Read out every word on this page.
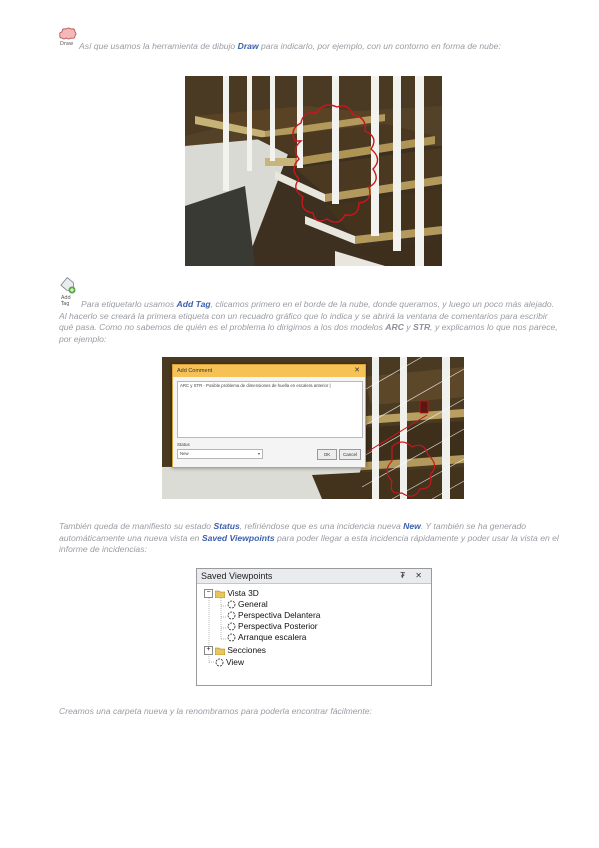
Draw Así que usamos la herramienta de dibujo Draw para indicarlo, por ejemplo, con un contorno en forma de nube:
Add Tag	Para etiquetarlo usamos Add Tag, clicamos primero en el borde de la nube, donde queramos, y luego un poco más alejado. Al hacerlo se creará la primera etiqueta con un recuadro gráfico que lo indica y se abrirá la ventana de comentarios para escribir qué pasa. Como no sabemos de quién es el problema lo dirigimos a los dos modelos ARC y STR, y explicamos lo que nos parece, por ejemplo:
Add Comment	✕
ARC y STR - Posible problema de dimensiones de huella en escalera anterior |
Status
New	▾	OK	Cancel
También queda de manifiesto su estado Status, refiriéndose que es una incidencia nueva New. Y también se ha generado automáticamente una nueva vista en Saved Viewpoints para poder llegar a esta incidencia rápidamente y poder usar la vista en el informe de incidencias:
Saved Viewpoints	₮ ✕
− Vista 3D
General
Perspectiva Delantera
Perspectiva Posterior
Arranque escalera
+ Secciones
View
Creamos una carpeta nueva y la renombramos para poderla encontrar fácilmente:
